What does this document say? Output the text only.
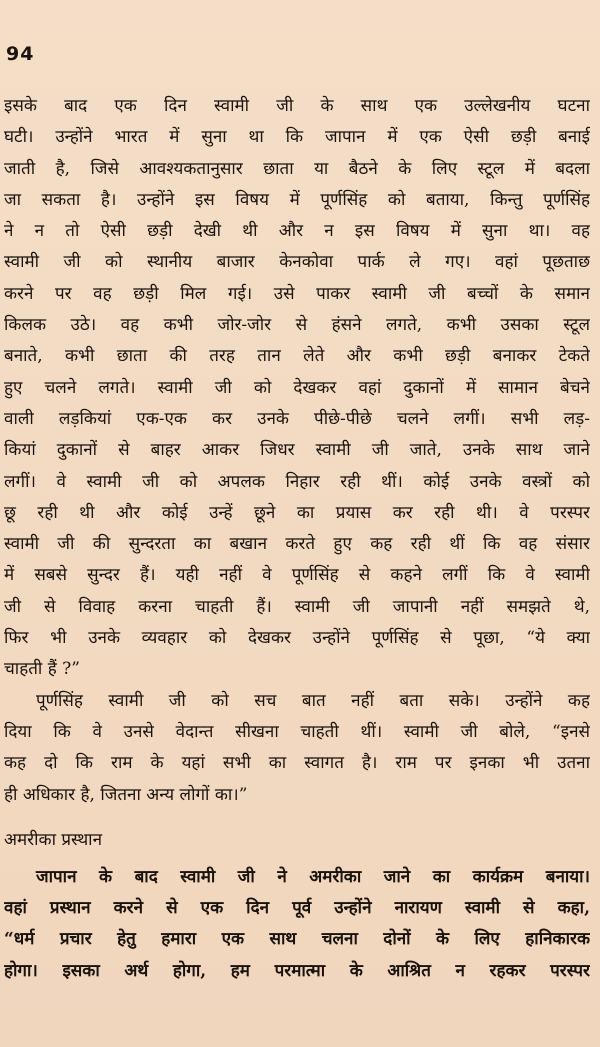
94
इसके बाद एक दिन स्वामी जी के साथ एक उल्लेखनीय घटना
घटी। उन्होंने भारत में सुना था कि जापान में एक ऐसी छड़ी बनाई
जाती है, जिसे आवश्यकतानुसार छाता या बैठने के लिए स्टूल में बदला
जा सकता है। उन्होंने इस विषय में पूर्णसिंह को बताया, किन्तु पूर्णसिंह
ने न तो ऐसी छड़ी देखी थी और न इस विषय में सुना था। वह
स्वामी जी को स्थानीय बाजार केनकोवा पार्क ले गए। वहां पूछताछ
करने पर वह छड़ी मिल गई। उसे पाकर स्वामी जी बच्चों के समान
किलक उठे। वह कभी जोर-जोर से हंसने लगते, कभी उसका स्टूल
बनाते, कभी छाता की तरह तान लेते और कभी छड़ी बनाकर टेकते
हुए चलने लगते। स्वामी जी को देखकर वहां दुकानों में सामान बेचने
वाली लड़कियां एक-एक कर उनके पीछे-पीछे चलने लगीं। सभी लड़-
कियां दुकानों से बाहर आकर जिधर स्वामी जी जाते, उनके साथ जाने
लगीं। वे स्वामी जी को अपलक निहार रही थीं। कोई उनके वस्त्रों को
छू रही थी और कोई उन्हें छूने का प्रयास कर रही थी। वे परस्पर
स्वामी जी की सुन्दरता का बखान करते हुए कह रही थीं कि वह संसार
में सबसे सुन्दर हैं। यही नहीं वे पूर्णसिंह से कहने लगीं कि वे स्वामी
जी से विवाह करना चाहती हैं। स्वामी जी जापानी नहीं समझते थे,
फिर भी उनके व्यवहार को देखकर उन्होंने पूर्णसिंह से पूछा, “ये क्या
चाहती हैं ?”
पूर्णसिंह स्वामी जी को सच बात नहीं बता सके। उन्होंने कह
दिया कि वे उनसे वेदान्त सीखना चाहती थीं। स्वामी जी बोले, “इनसे
कह दो कि राम के यहां सभी का स्वागत है। राम पर इनका भी उतना
ही अधिकार है, जितना अन्य लोगों का।”
अमरीका प्रस्थान
जापान के बाद स्वामी जी ने अमरीका जाने का कार्यक्रम बनाया।
वहां प्रस्थान करने से एक दिन पूर्व उन्होंने नारायण स्वामी से कहा,
“धर्म प्रचार हेतु हमारा एक साथ चलना दोनों के लिए हानिकारक
होगा। इसका अर्थ होगा, हम परमात्मा के आश्रित न रहकर परस्पर
